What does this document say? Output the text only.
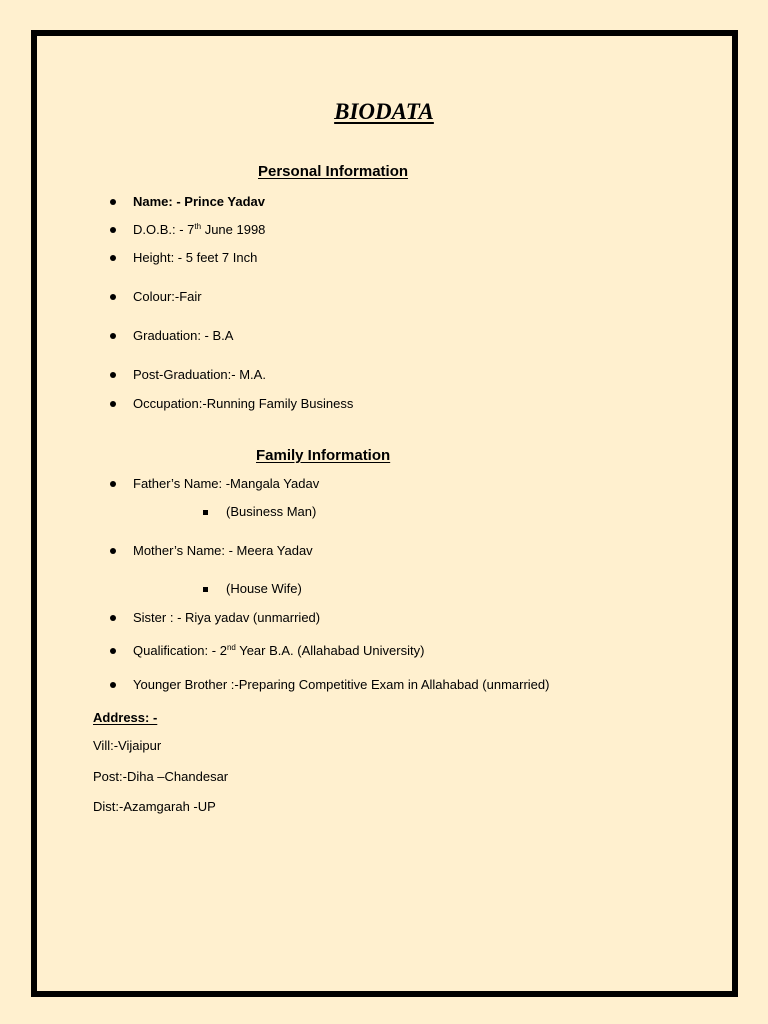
BIODATA
Personal Information
Name: - Prince Yadav
D.O.B.: - 7th June 1998
Height: - 5 feet 7 Inch
Colour:-Fair
Graduation: - B.A
Post-Graduation:- M.A.
Occupation:-Running Family Business
Family Information
Father’s Name: -Mangala Yadav
(Business Man)
Mother’s Name: - Meera Yadav
(House Wife)
Sister : - Riya yadav (unmarried)
Qualification: - 2nd Year B.A. (Allahabad University)
Younger Brother :-Preparing Competitive Exam in Allahabad (unmarried)
Address: -
Vill:-Vijaipur
Post:-Diha –Chandesar
Dist:-Azamgarah -UP
